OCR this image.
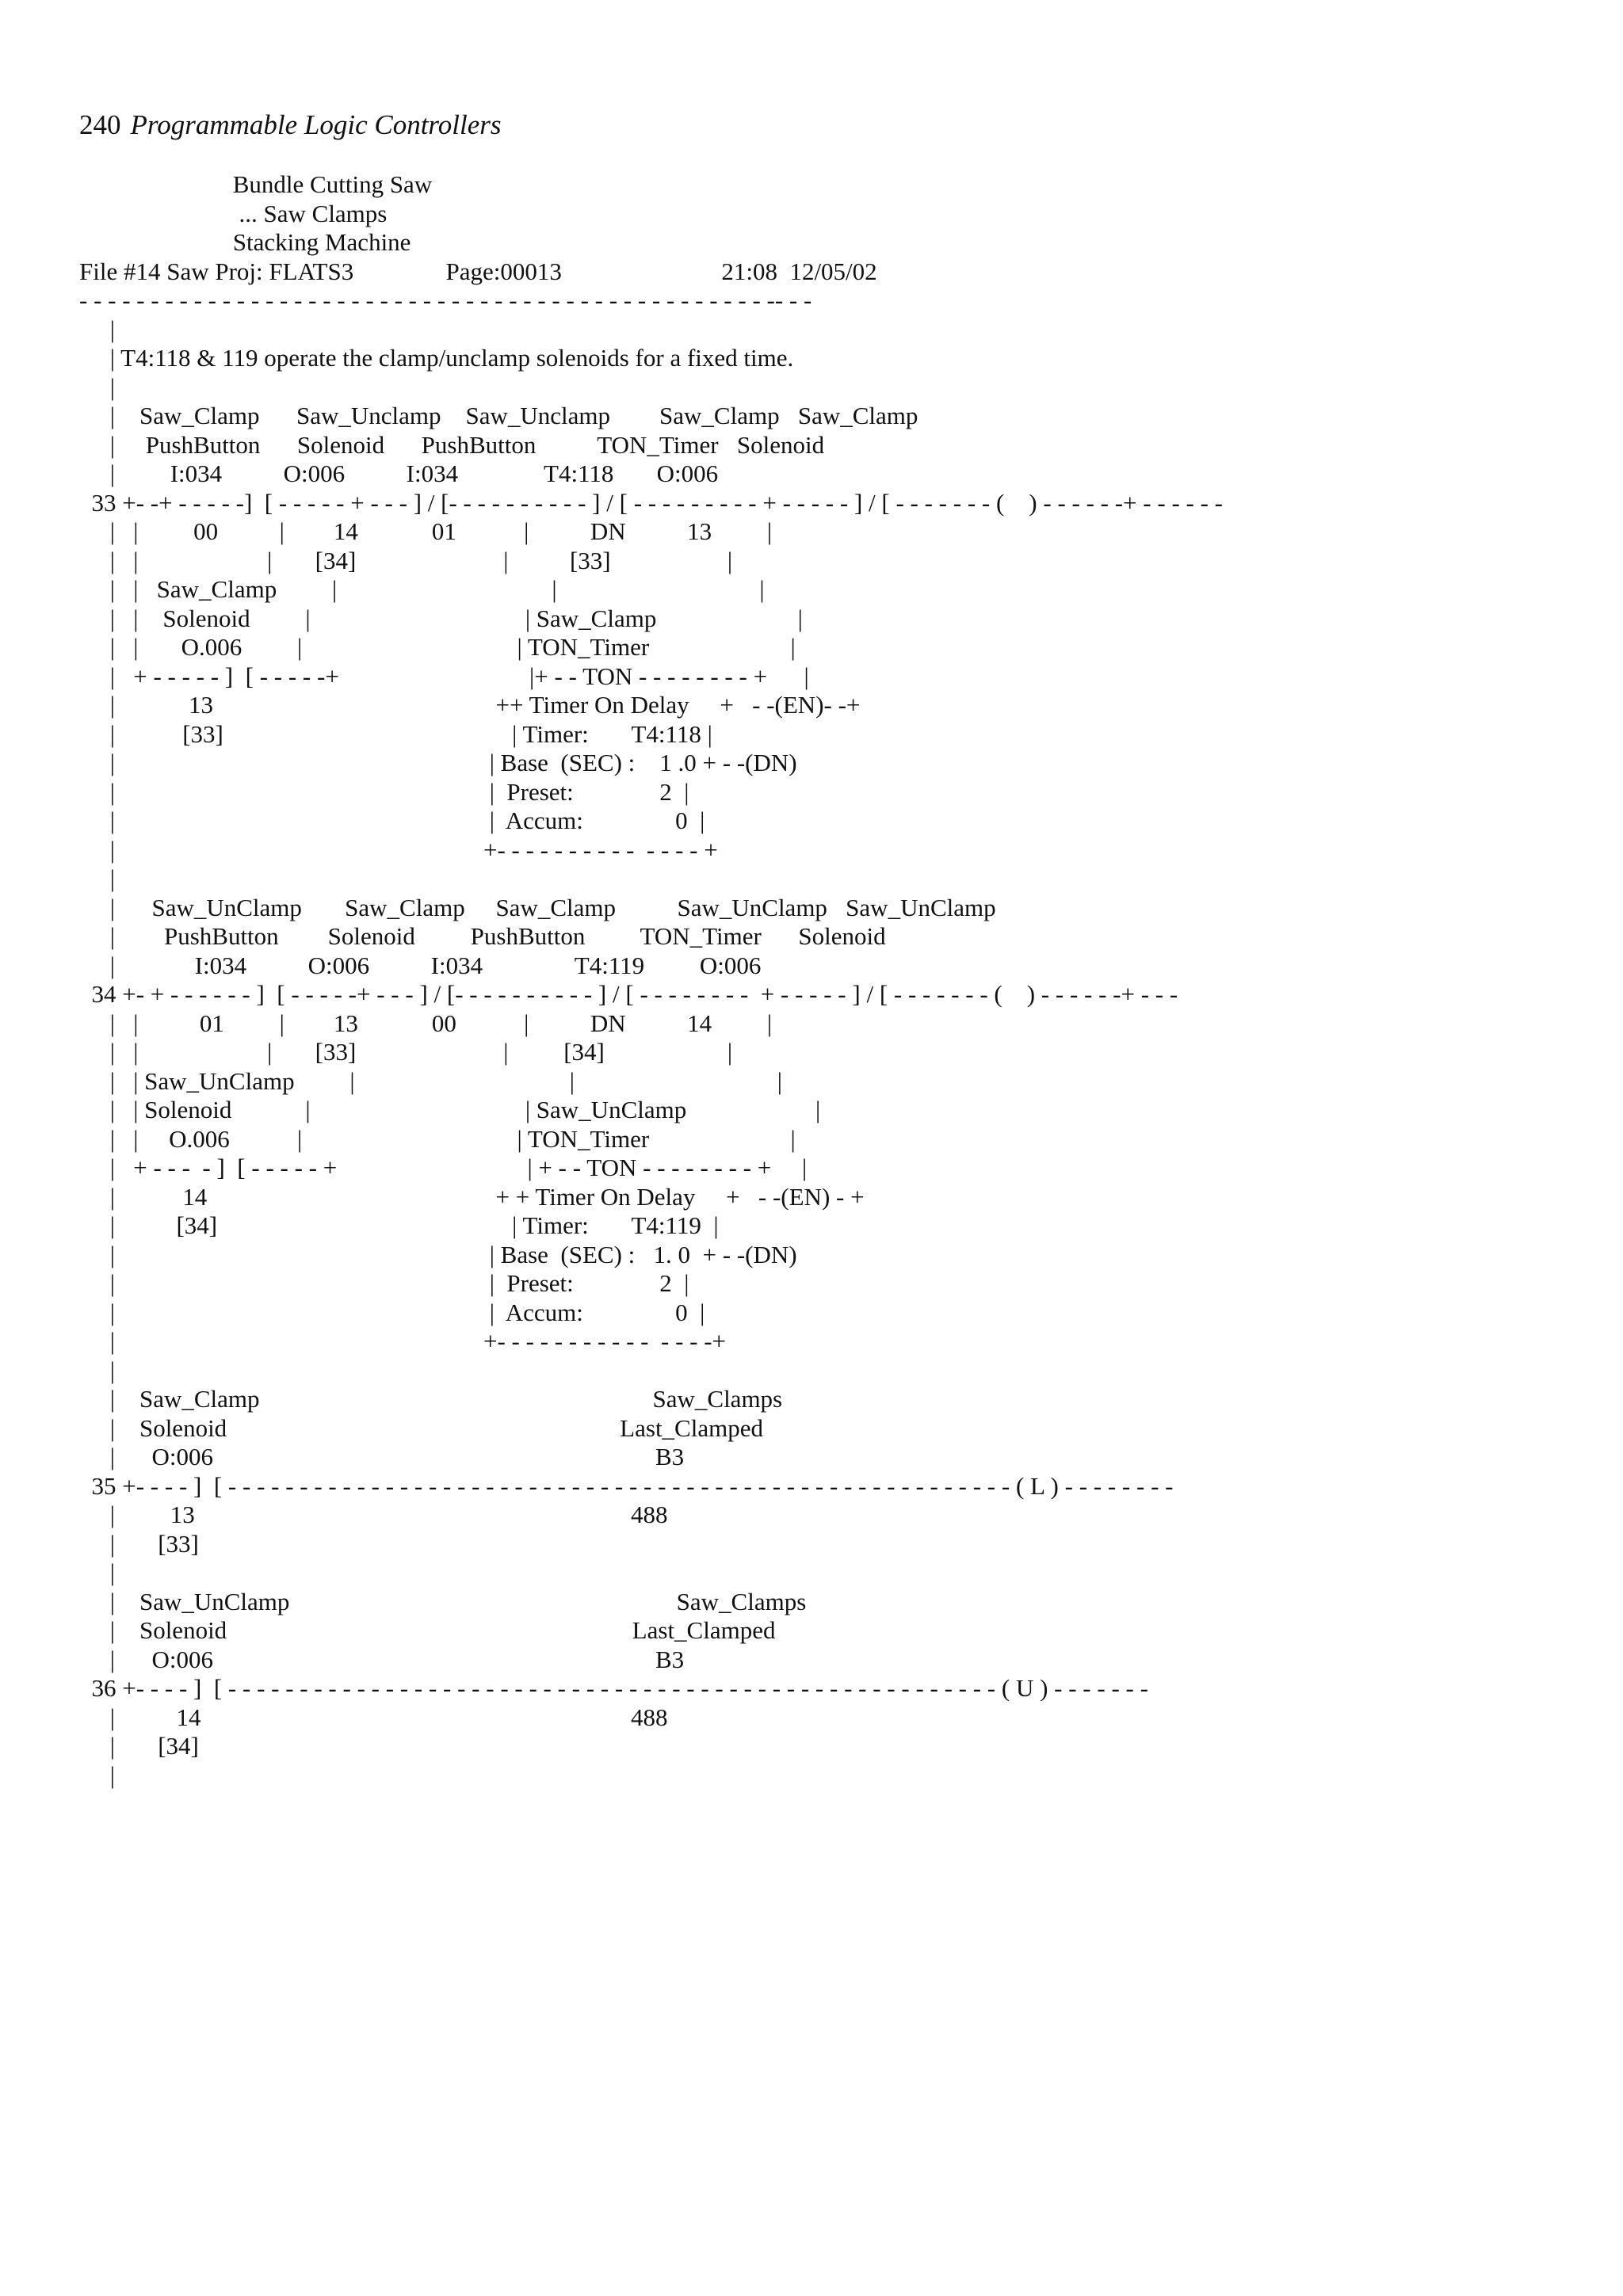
240 Programmable Logic Controllers
Bundle Cutting Saw
... Saw Clamps
Stacking Machine
File #14 Saw Proj: FLATS3               Page:00013                          21:08  12/05/02
- - - - - - - - - - - - - - - - - - - - - - - - - - - - - - - - - - - - - - - - - - - - - - - - -- - -
|
| T4:118 & 119 operate the clamp/unclamp solenoids for a fixed time.
|
|    Saw_Clamp      Saw_Unclamp    Saw_Unclamp        Saw_Clamp   Saw_Clamp
|     PushButton      Solenoid      PushButton          TON_Timer   Solenoid
|         I:034          O:006          I:034              T4:118       O:006
33 +- -+ - - - - -]  [ - - - - - + - - - ] / [- - - - - - - - - - ] / [ - - - - - - - - - + - - - - - ] / [ - - - - - - - (    ) - - - - - -+ - - - - - -
|   |         00          |        14            01           |          DN          13         |
|   |                     |       [34]                        |          [33]                   |
|   |   Saw_Clamp         |                                   |                                 |
|   |    Solenoid         |                                   | Saw_Clamp                       |
|   |       O.006         |                                   | TON_Timer                       |
|   + - - - - - ]  [ - - - - -+                               |+ - - TON - - - - - - - - +      |
|            13                                              ++ Timer On Delay     +   - -(EN)- -+
|           [33]                                               | Timer:       T4:118 |
|                                                             | Base  (SEC) :    1 .0 + - -(DN)
|                                                             |  Preset:              2  |
|                                                             |  Accum:               0  |
|                                                            +- - - - - - - - - -  - - - - +
|
|      Saw_UnClamp       Saw_Clamp     Saw_Clamp          Saw_UnClamp   Saw_UnClamp
|        PushButton        Solenoid         PushButton         TON_Timer      Solenoid
|             I:034          O:006          I:034               T4:119         O:006
34 +- + - - - - - - ]  [ - - - - -+ - - - ] / [- - - - - - - - - - ] / [ - - - - - - - -  + - - - - - ] / [ - - - - - - - (    ) - - - - - -+ - - -
|   |          01         |        13            00           |          DN          14         |
|   |                     |       [33]                        |         [34]                    |
|   | Saw_UnClamp         |                                   |                                 |
|   | Solenoid            |                                   | Saw_UnClamp                     |
|   |     O.006           |                                   | TON_Timer                       |
|   + - - -  - ]  [ - - - - - +                               | + - - TON - - - - - - - - +     |
|           14                                               + + Timer On Delay     +   - -(EN) - +
|          [34]                                                | Timer:       T4:119  |
|                                                             | Base  (SEC) :   1. 0  + - -(DN)
|                                                             |  Preset:              2  |
|                                                             |  Accum:               0  |
|                                                            +- - - - - - - - - - -  - - - -+
|
|    Saw_Clamp                                                                Saw_Clamps
|    Solenoid                                                                Last_Clamped
|      O:006                                                                        B3
35 +- - - - ]  [ - - - - - - - - - - - - - - - - - - - - - - - - - - - - - - - - - - - - - - - - - - - - - - - - - - - - - - - ( L ) - - - - - - - -
|         13                                                                       488
|       [33]
|
|    Saw_UnClamp                                                               Saw_Clamps
|    Solenoid                                                                  Last_Clamped
|      O:006                                                                        B3
36 +- - - - ]  [ - - - - - - - - - - - - - - - - - - - - - - - - - - - - - - - - - - - - - - - - - - - - - - - - - - - - - - ( U ) - - - - - - -
|          14                                                                      488
|       [34]
|
